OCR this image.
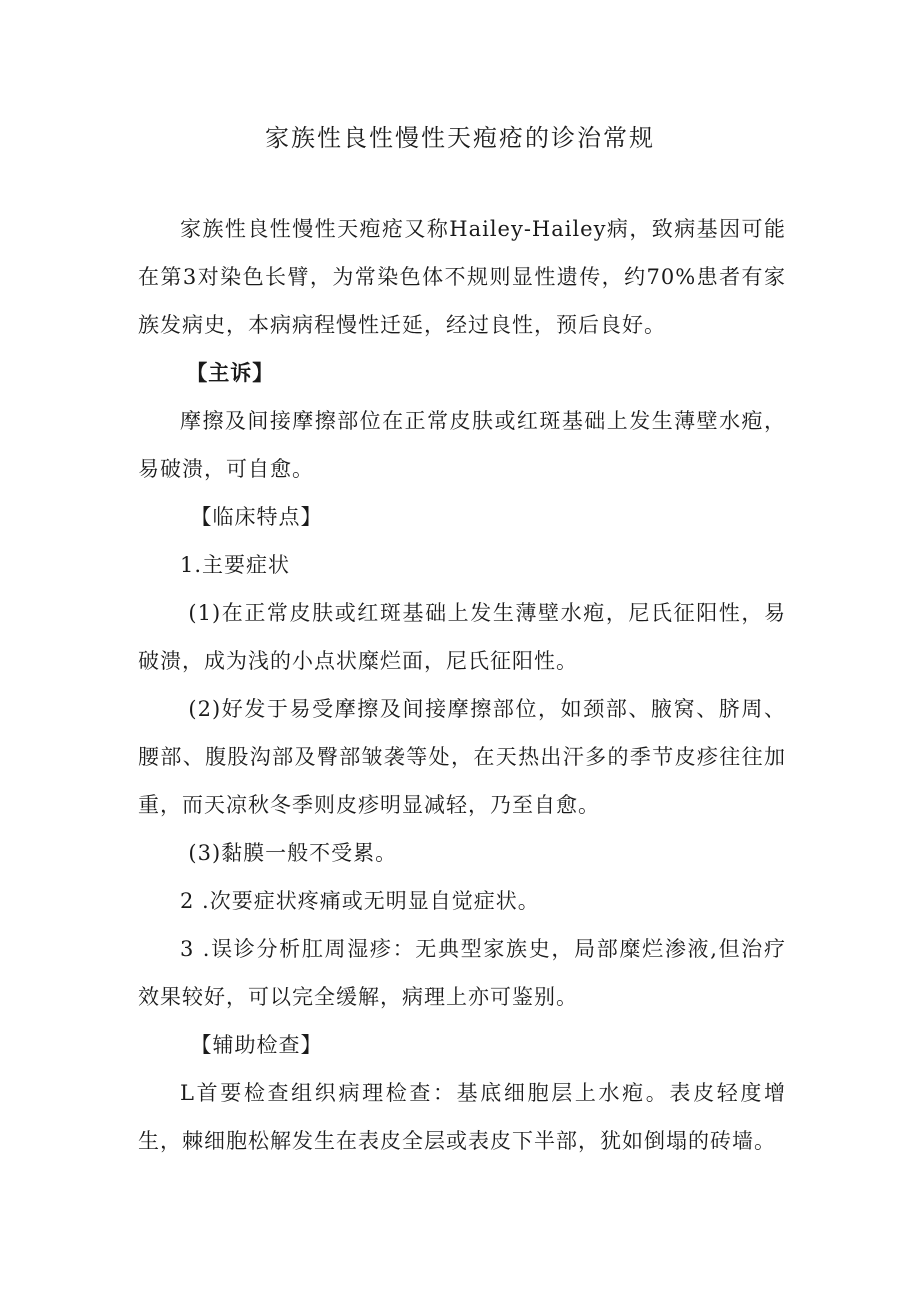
家族性良性慢性天疱疮的诊治常规

家族性良性慢性天疱疮又称Hailey-Hailey病，致病基因可能在第3对染色长臂，为常染色体不规则显性遗传，约70%患者有家族发病史，本病病程慢性迁延，经过良性，预后良好。

【主诉】

摩擦及间接摩擦部位在正常皮肤或红斑基础上发生薄壁水疱，易破溃，可自愈。

【临床特点】

1.主要症状

(1)在正常皮肤或红斑基础上发生薄壁水疱，尼氏征阳性，易破溃，成为浅的小点状糜烂面，尼氏征阳性。

(2)好发于易受摩擦及间接摩擦部位，如颈部、腋窝、脐周、腰部、腹股沟部及臀部皱袭等处，在天热出汗多的季节皮疹往往加重，而天凉秋冬季则皮疹明显减轻，乃至自愈。

(3)黏膜一般不受累。

2 .次要症状疼痛或无明显自觉症状。

3 .误诊分析肛周湿疹：无典型家族史，局部糜烂渗液,但治疗效果较好，可以完全缓解，病理上亦可鉴别。

【辅助检查】

L首要检查组织病理检查：基底细胞层上水疱。表皮轻度增生，棘细胞松解发生在表皮全层或表皮下半部，犹如倒塌的砖墙。
